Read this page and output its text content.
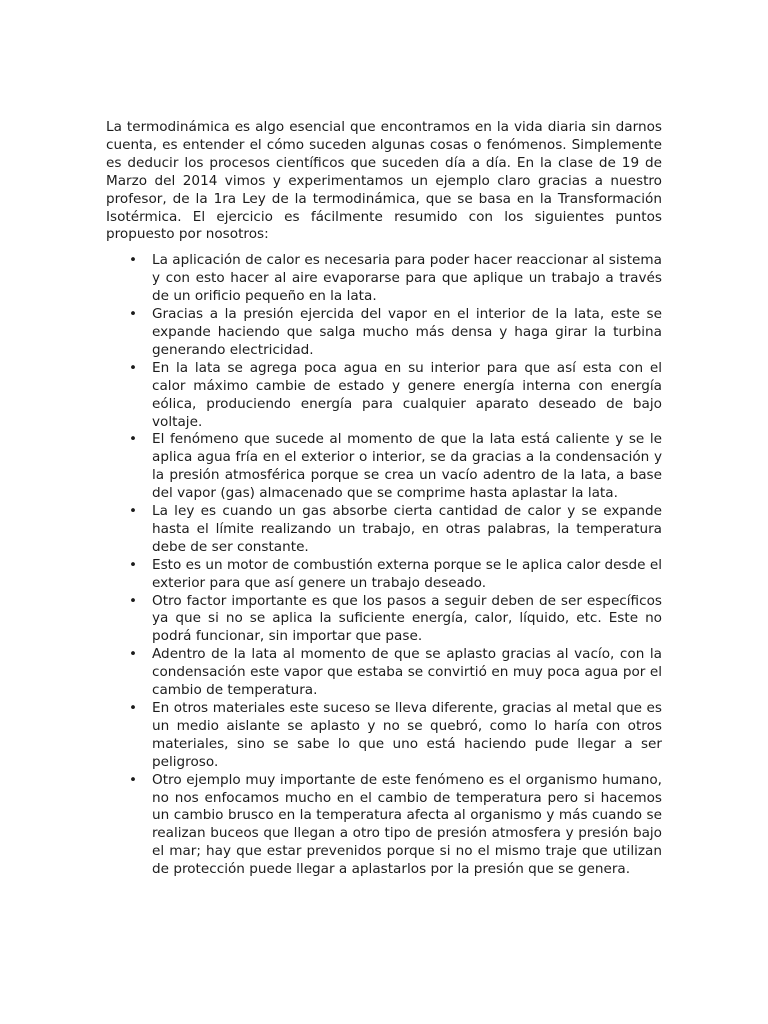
La termodinámica es algo esencial que encontramos en la vida diaria sin darnos cuenta, es entender el cómo suceden algunas cosas o fenómenos. Simplemente es deducir los procesos científicos que suceden día a día. En la clase de 19 de Marzo del 2014 vimos y experimentamos un ejemplo claro gracias a nuestro profesor, de la 1ra Ley de la termodinámica, que se basa en la Transformación Isotérmica. El ejercicio es fácilmente resumido con los siguientes puntos propuesto por nosotros:

• La aplicación de calor es necesaria para poder hacer reaccionar al sistema y con esto hacer al aire evaporarse para que aplique un trabajo a través de un orificio pequeño en la lata.
• Gracias a la presión ejercida del vapor en el interior de la lata, este se expande haciendo que salga mucho más densa y haga girar la turbina generando electricidad.
• En la lata se agrega poca agua en su interior para que así esta con el calor máximo cambie de estado y genere energía interna con energía eólica, produciendo energía para cualquier aparato deseado de bajo voltaje.
• El fenómeno que sucede al momento de que la lata está caliente y se le aplica agua fría en el exterior o interior, se da gracias a la condensación y la presión atmosférica porque se crea un vacío adentro de la lata, a base del vapor (gas) almacenado que se comprime hasta aplastar la lata.
• La ley es cuando un gas absorbe cierta cantidad de calor y se expande hasta el límite realizando un trabajo, en otras palabras, la temperatura debe de ser constante.
• Esto es un motor de combustión externa porque se le aplica calor desde el exterior para que así genere un trabajo deseado.
• Otro factor importante es que los pasos a seguir deben de ser específicos ya que si no se aplica la suficiente energía, calor, líquido, etc. Este no podrá funcionar, sin importar que pase.
• Adentro de la lata al momento de que se aplasto gracias al vacío, con la condensación este vapor que estaba se convirtió en muy poca agua por el cambio de temperatura.
• En otros materiales este suceso se lleva diferente, gracias al metal que es un medio aislante se aplasto y no se quebró, como lo haría con otros materiales, sino se sabe lo que uno está haciendo pude llegar a ser peligroso.
• Otro ejemplo muy importante de este fenómeno es el organismo humano, no nos enfocamos mucho en el cambio de temperatura pero si hacemos un cambio brusco en la temperatura afecta al organismo y más cuando se realizan buceos que llegan a otro tipo de presión atmosfera y presión bajo el mar; hay que estar prevenidos porque si no el mismo traje que utilizan de protección puede llegar a aplastarlos por la presión que se genera.
